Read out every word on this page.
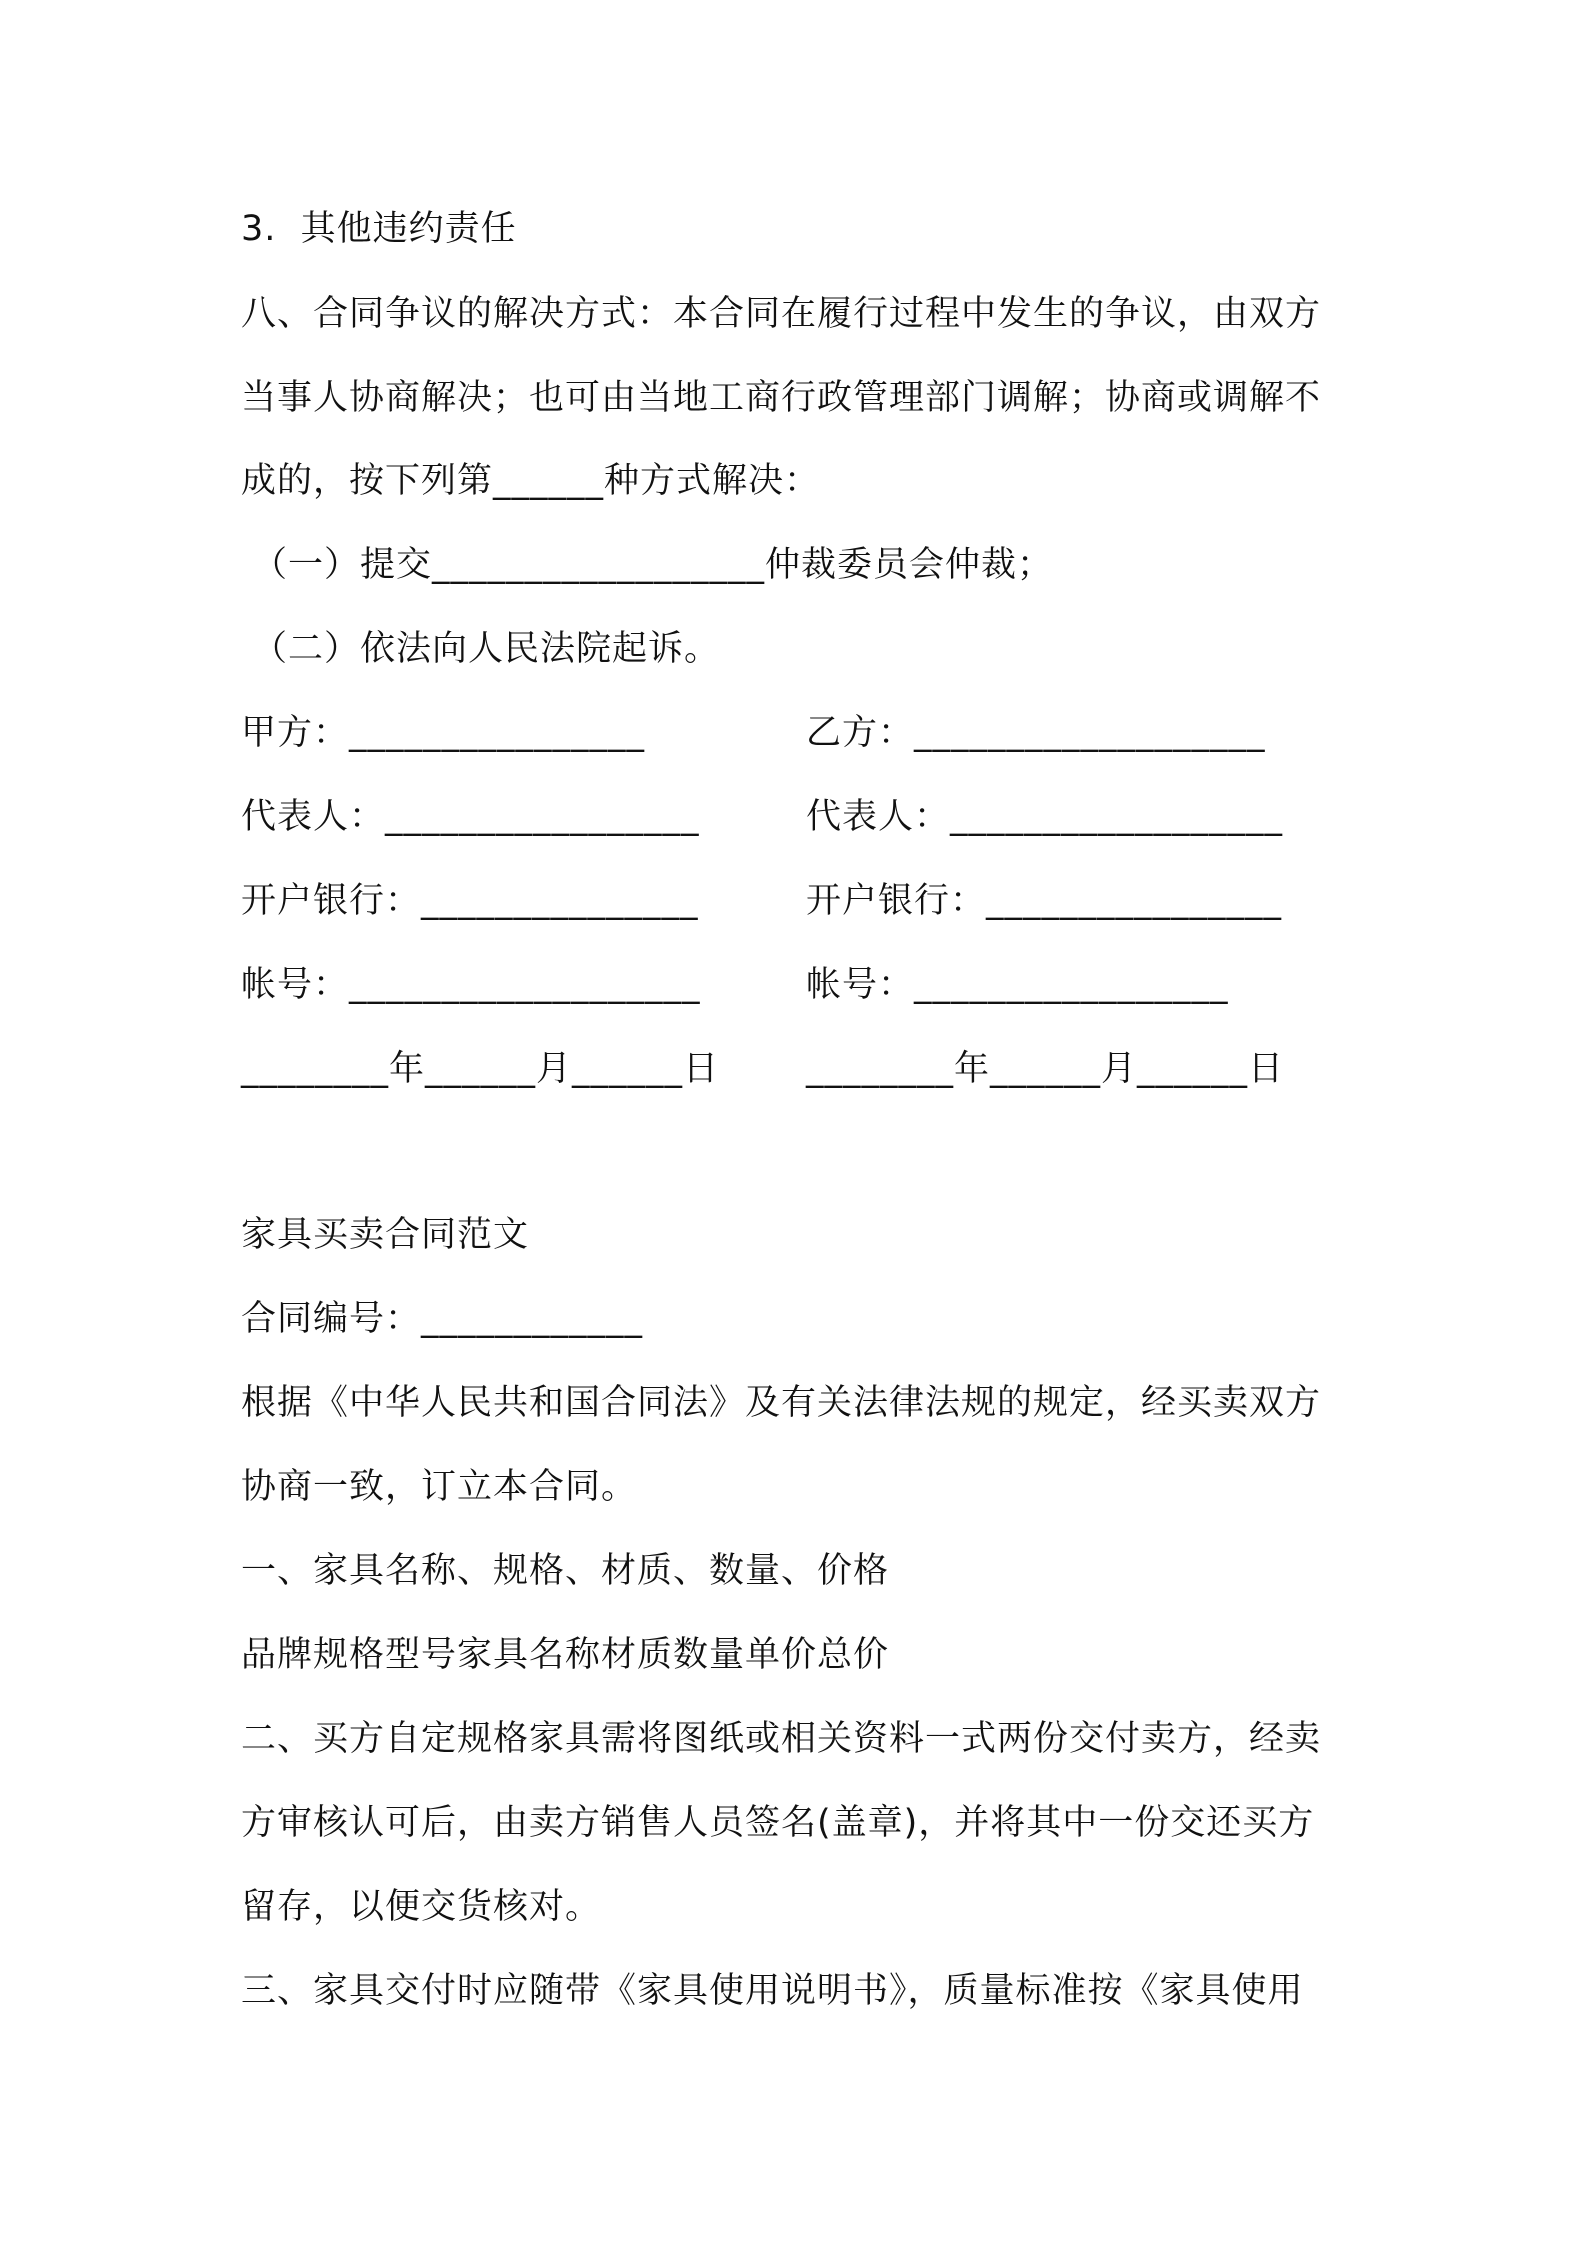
3.  其他违约责任
八、合同争议的解决方式：本合同在履行过程中发生的争议，由双方
当事人协商解决；也可由当地工商行政管理部门调解；协商或调解不
成的，按下列第______种方式解决：
（一）提交__________________仲裁委员会仲裁；
（二）依法向人民法院起诉。
甲方：________________	乙方：___________________
代表人：_________________	代表人：__________________
开户银行：_______________	开户银行：________________
帐号：___________________	帐号：_________________
________年______月______日 ________年______月______日
家具买卖合同范文
合同编号：____________
根据《中华人民共和国合同法》及有关法律法规的规定，经买卖双方
协商一致，订立本合同。
一、家具名称、规格、材质、数量、价格
品牌规格型号家具名称材质数量单价总价
二、买方自定规格家具需将图纸或相关资料一式两份交付卖方，经卖
方审核认可后，由卖方销售人员签名(盖章)，并将其中一份交还买方
留存，以便交货核对。
三、家具交付时应随带《家具使用说明书》，质量标准按《家具使用
